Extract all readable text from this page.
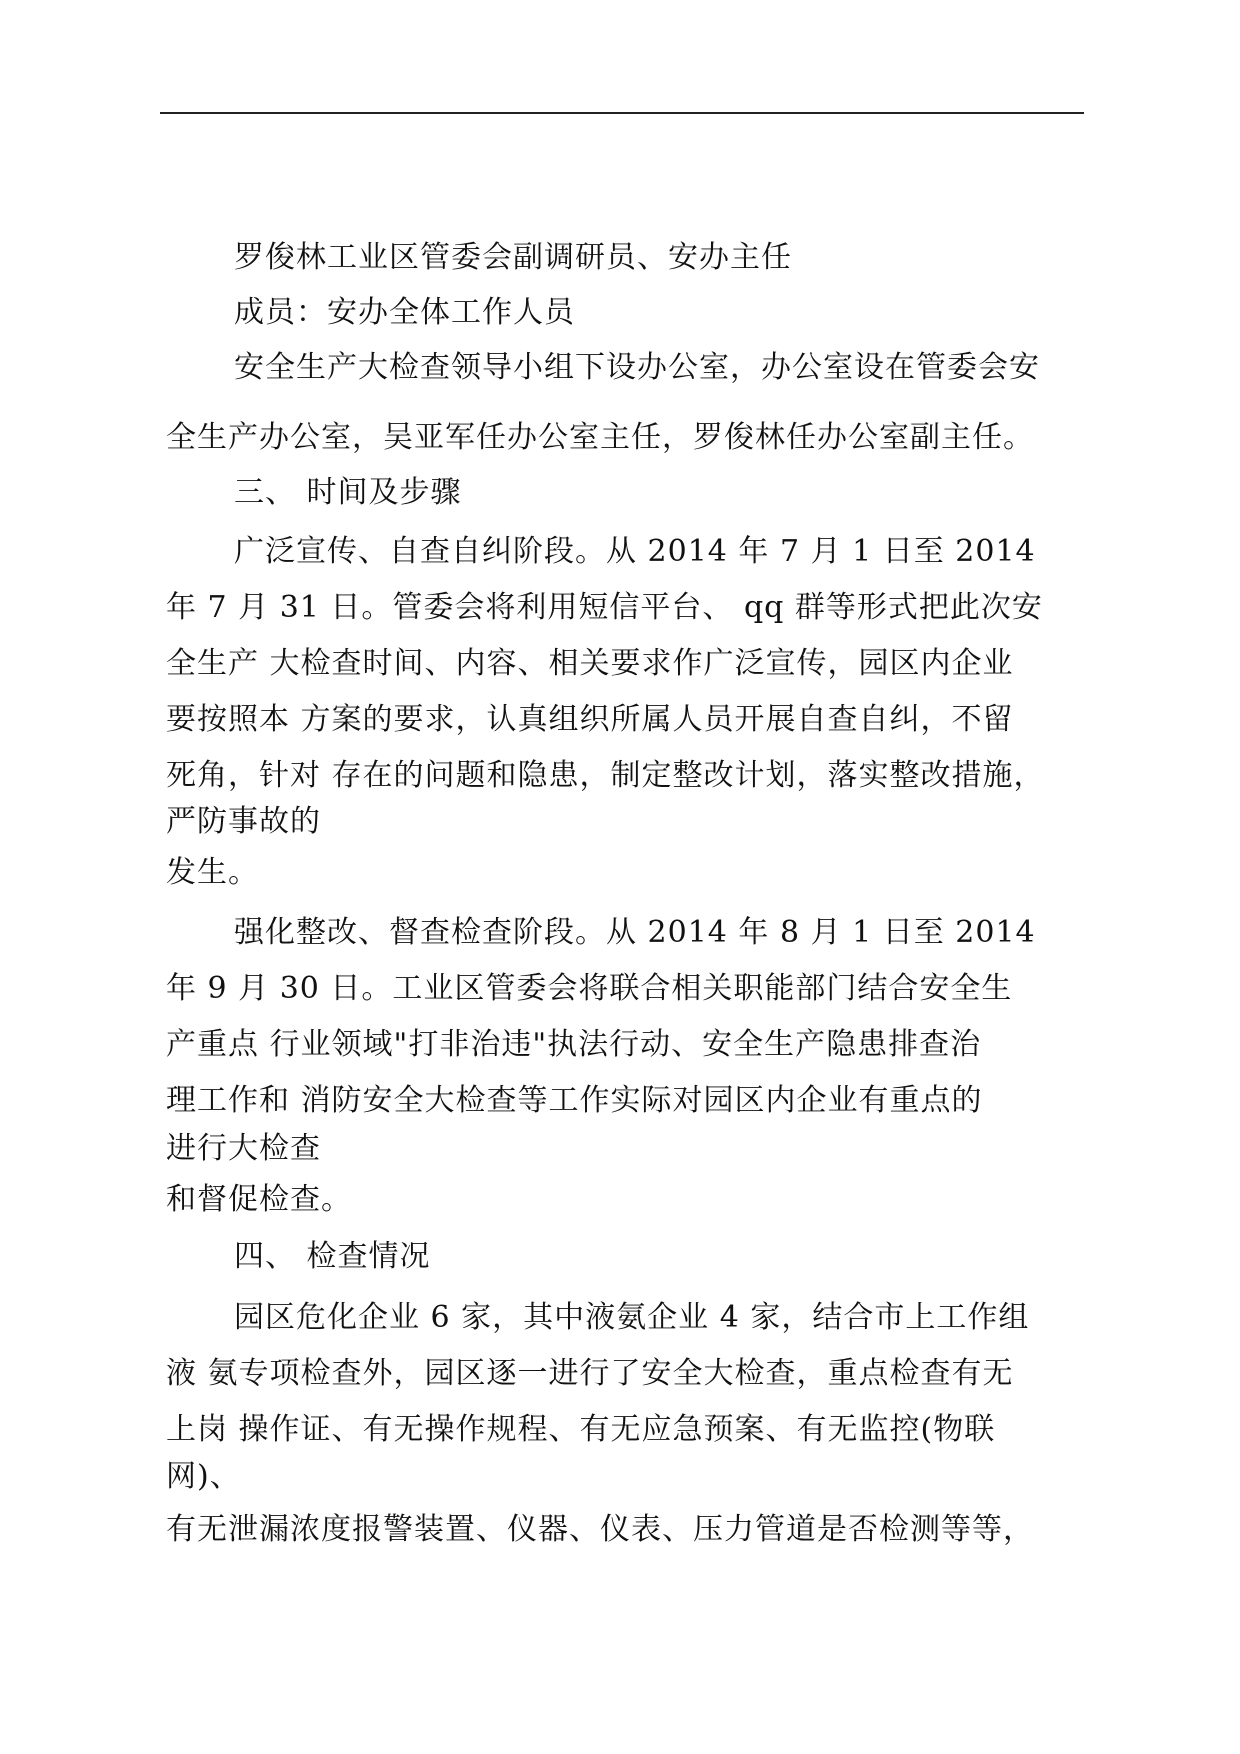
罗俊林工业区管委会副调研员、安办主任
成员：安办全体工作人员
安全生产大检查领导小组下设办公室，办公室设在管委会安
全生产办公室，吴亚军任办公室主任，罗俊林任办公室副主任。
三、 时间及步骤
广泛宣传、自查自纠阶段。从 2014 年 7 月 1 日至 2014
年 7 月 31 日。管委会将利用短信平台、 qq 群等形式把此次安
全生产 大检查时间、内容、相关要求作广泛宣传，园区内企业
要按照本 方案的要求，认真组织所属人员开展自查自纠，不留
死角，针对 存在的问题和隐患，制定整改计划，落实整改措施，
严防事故的
发生。
强化整改、督查检查阶段。从 2014 年 8 月 1 日至 2014
年 9 月 30 日。工业区管委会将联合相关职能部门结合安全生
产重点 行业领域"打非治违"执法行动、安全生产隐患排查治
理工作和 消防安全大检查等工作实际对园区内企业有重点的
进行大检查
和督促检查。
四、 检查情况
园区危化企业 6 家，其中液氨企业 4 家，结合市上工作组
液 氨专项检查外，园区逐一进行了安全大检查，重点检查有无
上岗 操作证、有无操作规程、有无应急预案、有无监控(物联
网)、
有无泄漏浓度报警装置、仪器、仪表、压力管道是否检测等等，
